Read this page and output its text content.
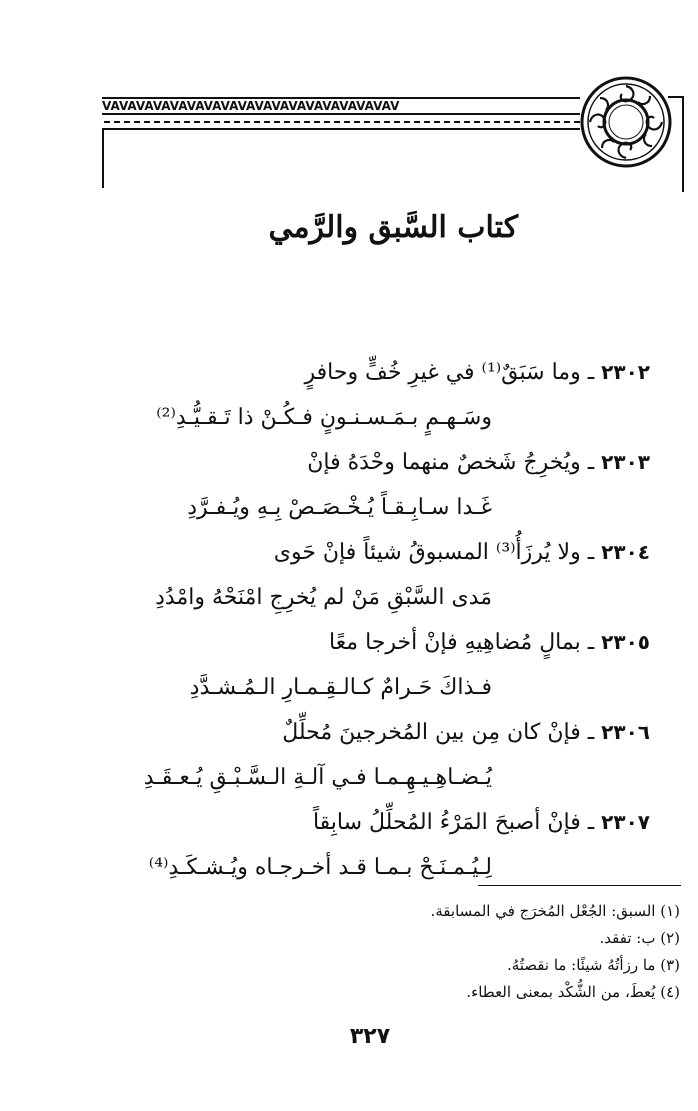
VAVAVAVAVAVAVAVAVAVAVAVAVAVAVAVAVAV
كتاب السَّبق والرَّمي
٢٣٠٢ ـ وما سَبَقٌ⁽¹⁾ في غيرِ خُفٍّ وحافرٍ
وسَـهـمٍ بـمَـسـنـونٍ فـكُـنْ ذا تَـقـيُّـدِ⁽²⁾
٢٣٠٣ ـ ويُخرِجُ شَخصٌ منهما وحْدَهُ فإنْ
غَـدا سـابِـقـاً يُـخْـصَـصْ بِـهِ ويُـفـرَّدِ
٢٣٠٤ ـ ولا يُرزَأُ⁽³⁾ المسبوقُ شيئاً فإنْ حَوى
مَدى السَّبْقِ مَنْ لم يُخرِجِ امْنَحْهُ وامْدُدِ
٢٣٠٥ ـ بمالٍ مُضاهِيهِ فإنْ أخرجا معًا
فـذاكَ حَـرامٌ كـالـقِـمـارِ الـمُـشـدَّدِ
٢٣٠٦ ـ فإنْ كان مِن بين المُخرجينَ مُحلِّلٌ
يُـضـاهِـيـهِـمـا فـي آلـةِ الـسَّـبْـقِ يُـعـقَـدِ
٢٣٠٧ ـ فإنْ أصبحَ المَرْءُ المُحلِّلُ سابِقاً
لِـيُـمـنَـحْ بـمـا قـد أخـرجـاه ويُـشـكَـدِ⁽⁴⁾
(١) السبق: الجُعْل المُخرَج في المسابقة.
(٢) ب: تفقد.
(٣) ما رزأتُهُ شيئًا: ما نقصتُهُ.
(٤) يُعطَ، من الشُّكْد بمعنى العطاء.
٣٢٧
